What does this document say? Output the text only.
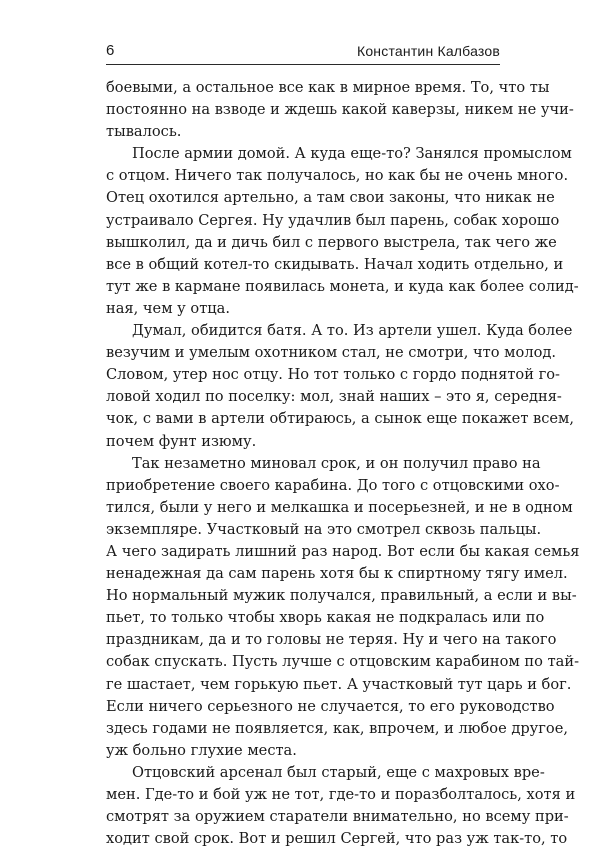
6	Константин Калбазов
боевыми, а остальное все как в мирное время. То, что ты
постоянно на взводе и ждешь какой каверзы, никем не учи-
тывалось.
После армии домой. А куда еще-то? Занялся промыслом
с отцом. Ничего так получалось, но как бы не очень много.
Отец охотился артельно, а там свои законы, что никак не
устраивало Сергея. Ну удачлив был парень, собак хорошо
вышколил, да и дичь бил с первого выстрела, так чего же
все в общий котел-то скидывать. Начал ходить отдельно, и
тут же в кармане появилась монета, и куда как более солид-
ная, чем у отца.
Думал, обидится батя. А то. Из артели ушел. Куда более
везучим и умелым охотником стал, не смотри, что молод.
Словом, утер нос отцу. Но тот только с гордо поднятой го-
ловой ходил по поселку: мол, знай наших – это я, середня-
чок, с вами в артели обтираюсь, а сынок еще покажет всем,
почем фунт изюму.
Так незаметно миновал срок, и он получил право на
приобретение своего карабина. До того с отцовскими охо-
тился, были у него и мелкашка и посерьезней, и не в одном
экземпляре. Участковый на это смотрел сквозь пальцы.
А чего задирать лишний раз народ. Вот если бы какая семья
ненадежная да сам парень хотя бы к спиртному тягу имел.
Но нормальный мужик получался, правильный, а если и вы-
пьет, то только чтобы хворь какая не подкралась или по
праздникам, да и то головы не теряя. Ну и чего на такого
собак спускать. Пусть лучше с отцовским карабином по тай-
ге шастает, чем горькую пьет. А участковый тут царь и бог.
Если ничего серьезного не случается, то его руководство
здесь годами не появляется, как, впрочем, и любое другое,
уж больно глухие места.
Отцовский арсенал был старый, еще с махровых вре-
мен. Где-то и бой уж не тот, где-то и поразболталось, хотя и
смотрят за оружием старатели внимательно, но всему при-
ходит свой срок. Вот и решил Сергей, что раз уж так-то, то
